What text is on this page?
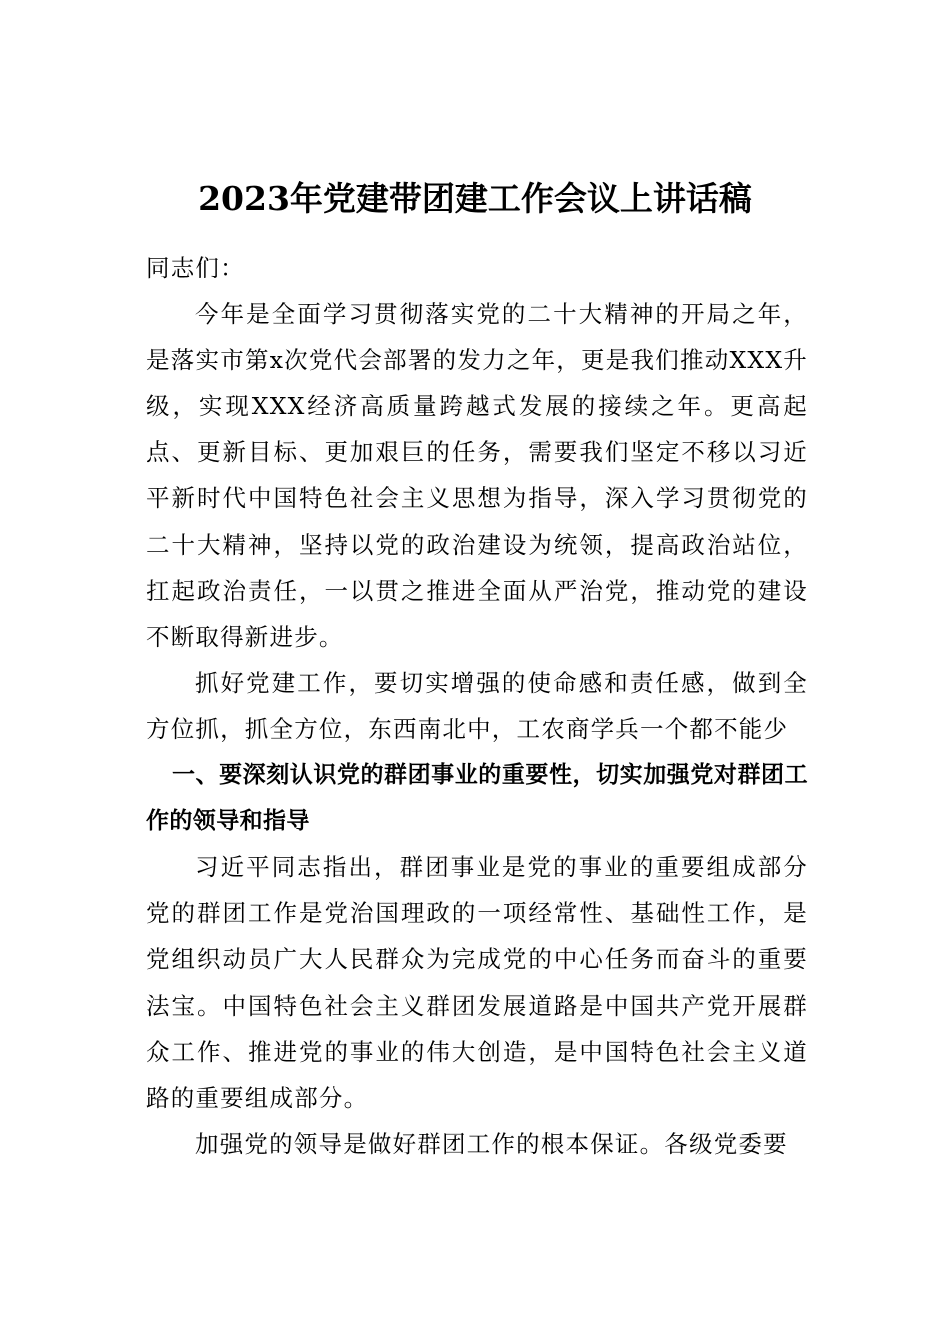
2023年党建带团建工作会议上讲话稿

同志们：

今年是全面学习贯彻落实党的二十大精神的开局之年，是落实市第x次党代会部署的发力之年，更是我们推动XXX升级，实现XXX经济高质量跨越式发展的接续之年。更高起点、更新目标、更加艰巨的任务，需要我们坚定不移以习近平新时代中国特色社会主义思想为指导，深入学习贯彻党的二十大精神，坚持以党的政治建设为统领，提高政治站位，扛起政治责任，一以贯之推进全面从严治党，推动党的建设不断取得新进步。

抓好党建工作，要切实增强的使命感和责任感，做到全方位抓，抓全方位，东西南北中，工农商学兵一个都不能少

一、要深刻认识党的群团事业的重要性，切实加强党对群团工作的领导和指导

习近平同志指出，群团事业是党的事业的重要组成部分党的群团工作是党治国理政的一项经常性、基础性工作，是党组织动员广大人民群众为完成党的中心任务而奋斗的重要法宝。中国特色社会主义群团发展道路是中国共产党开展群众工作、推进党的事业的伟大创造，是中国特色社会主义道路的重要组成部分。

加强党的领导是做好群团工作的根本保证。各级党委要
